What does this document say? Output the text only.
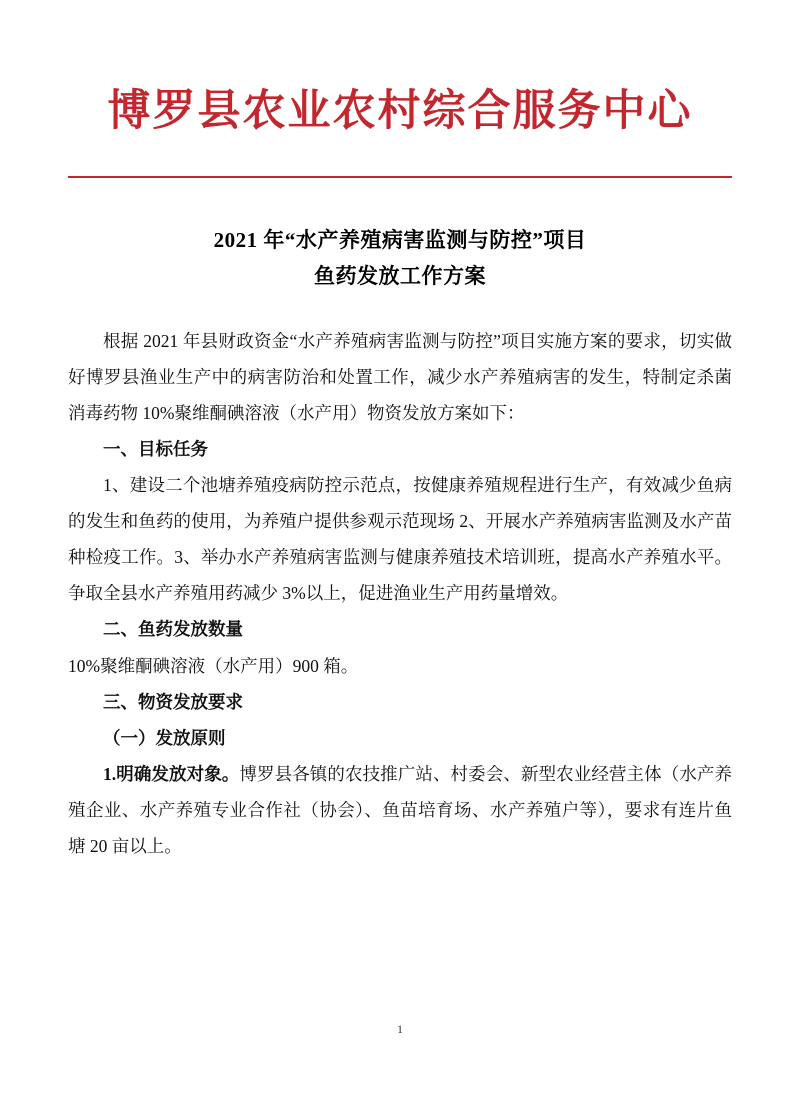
博罗县农业农村综合服务中心
2021 年“水产养殖病害监测与防控”项目
鱼药发放工作方案

根据 2021 年县财政资金“水产养殖病害监测与防控”项目实施方案的要求，切实做好博罗县渔业生产中的病害防治和处置工作，减少水产养殖病害的发生，特制定杀菌消毒药物 10%聚维酮碘溶液（水产用）物资发放方案如下：

一、目标任务

1、建设二个池塘养殖疫病防控示范点，按健康养殖规程进行生产，有效减少鱼病的发生和鱼药的使用，为养殖户提供参观示范现场 2、开展水产养殖病害监测及水产苗种检疫工作。3、举办水产养殖病害监测与健康养殖技术培训班，提高水产养殖水平。争取全县水产养殖用药减少 3%以上，促进渔业生产用药量增效。

二、鱼药发放数量

10%聚维酮碘溶液（水产用）900 箱。

三、物资发放要求

（一）发放原则

1.明确发放对象。博罗县各镇的农技推广站、村委会、新型农业经营主体（水产养殖企业、水产养殖专业合作社（协会）、鱼苗培育场、水产养殖户等），要求有连片鱼塘 20 亩以上。

1
